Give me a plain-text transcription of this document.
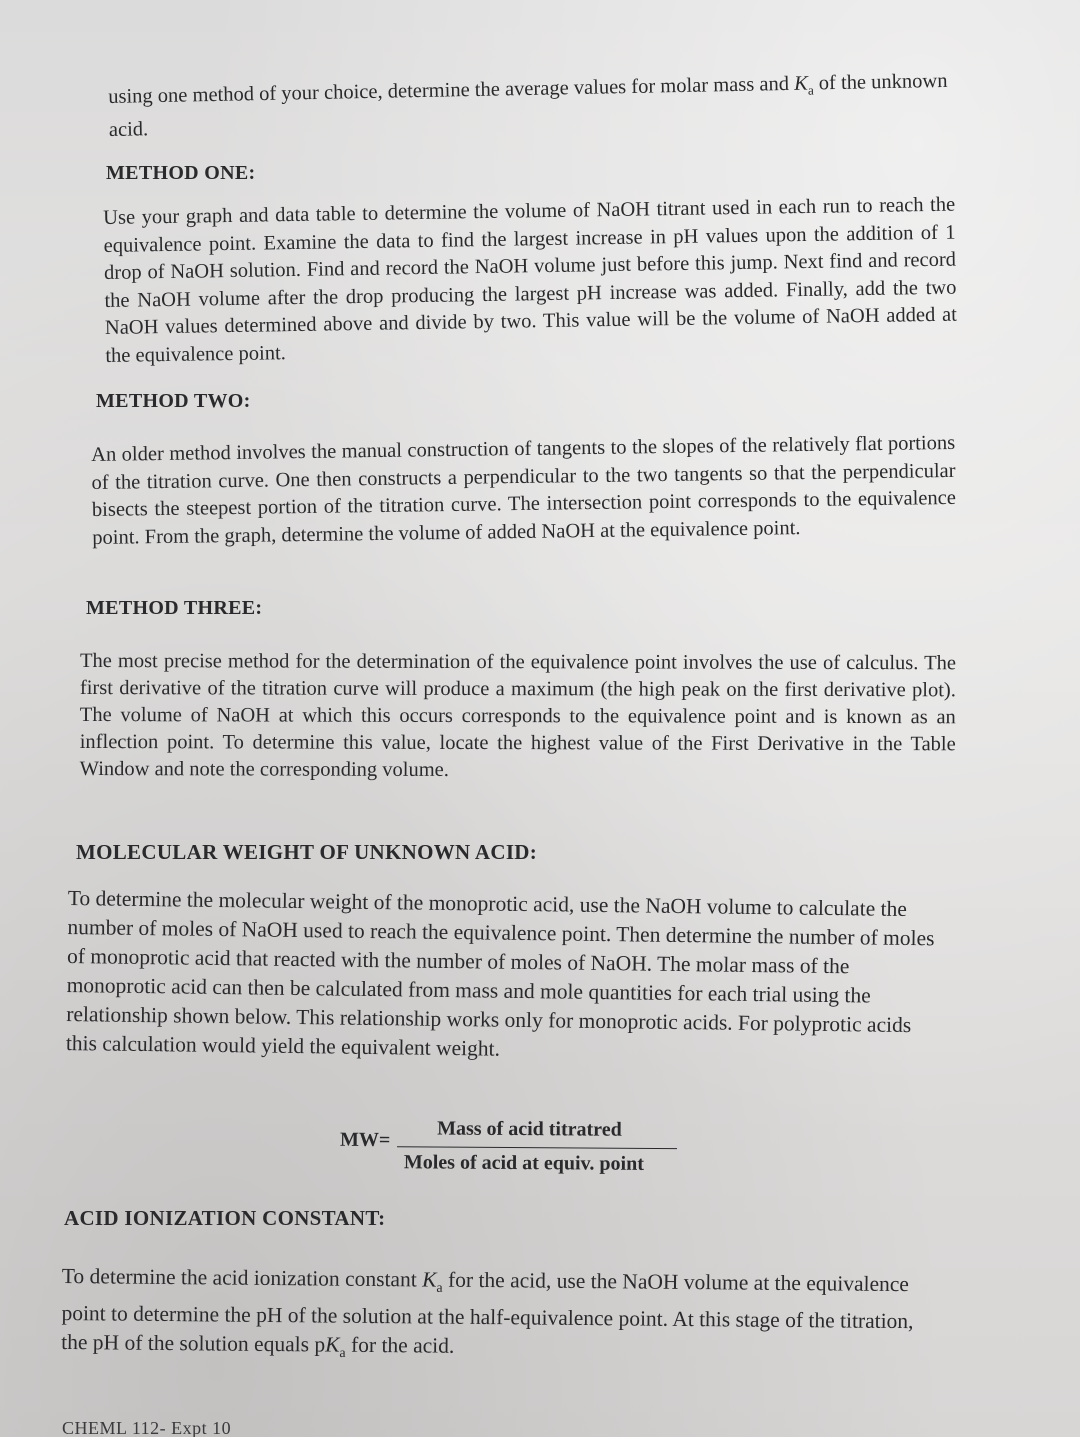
using one method of your choice, determine the average values for molar mass and $K_a$ of the unknown acid.
METHOD ONE:
Use your graph and data table to determine the volume of NaOH titrant used in each run to reach the equivalence point. Examine the data to find the largest increase in pH values upon the addition of 1 drop of NaOH solution. Find and record the NaOH volume just before this jump. Next find and record the NaOH volume after the drop producing the largest pH increase was added. Finally, add the two NaOH values determined above and divide by two. This value will be the volume of NaOH added at the equivalence point.
METHOD TWO:
An older method involves the manual construction of tangents to the slopes of the relatively flat portions of the titration curve. One then constructs a perpendicular to the two tangents so that the perpendicular bisects the steepest portion of the titration curve. The intersection point corresponds to the equivalence point. From the graph, determine the volume of added NaOH at the equivalence point.
METHOD THREE:
The most precise method for the determination of the equivalence point involves the use of calculus. The first derivative of the titration curve will produce a maximum (the high peak on the first derivative plot). The volume of NaOH at which this occurs corresponds to the equivalence point and is known as an inflection point. To determine this value, locate the highest value of the First Derivative in the Table Window and note the corresponding volume.
MOLECULAR WEIGHT OF UNKNOWN ACID:
To determine the molecular weight of the monoprotic acid, use the NaOH volume to calculate the number of moles of NaOH used to reach the equivalence point. Then determine the number of moles of monoprotic acid that reacted with the number of moles of NaOH. The molar mass of the monoprotic acid can then be calculated from mass and mole quantities for each trial using the relationship shown below. This relationship works only for monoprotic acids. For polyprotic acids this calculation would yield the equivalent weight.
MW= Mass of acid titratred
Moles of acid at equiv. point
ACID IONIZATION CONSTANT:
To determine the acid ionization constant $K_a$ for the acid, use the NaOH volume at the equivalence point to determine the pH of the solution at the half-equivalence point. At this stage of the titration, the pH of the solution equals $pK_a$ for the acid.
CHEML 112- Expt 10
